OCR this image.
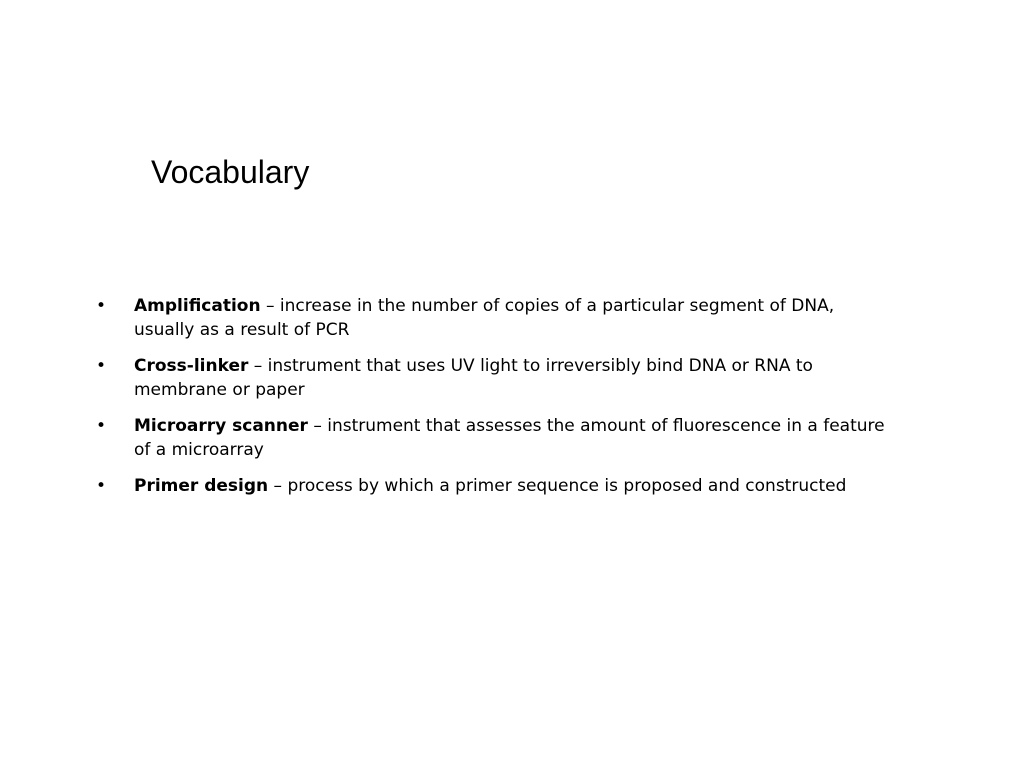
Vocabulary
•	Amplification – increase in the number of copies of a particular segment of DNA, usually as a result of PCR
•	Cross-linker – instrument that uses UV light to irreversibly bind DNA or RNA to membrane or paper
•	Microarry scanner – instrument that assesses the amount of fluorescence in a feature of a microarray
•	Primer design – process by which a primer sequence is proposed and constructed
